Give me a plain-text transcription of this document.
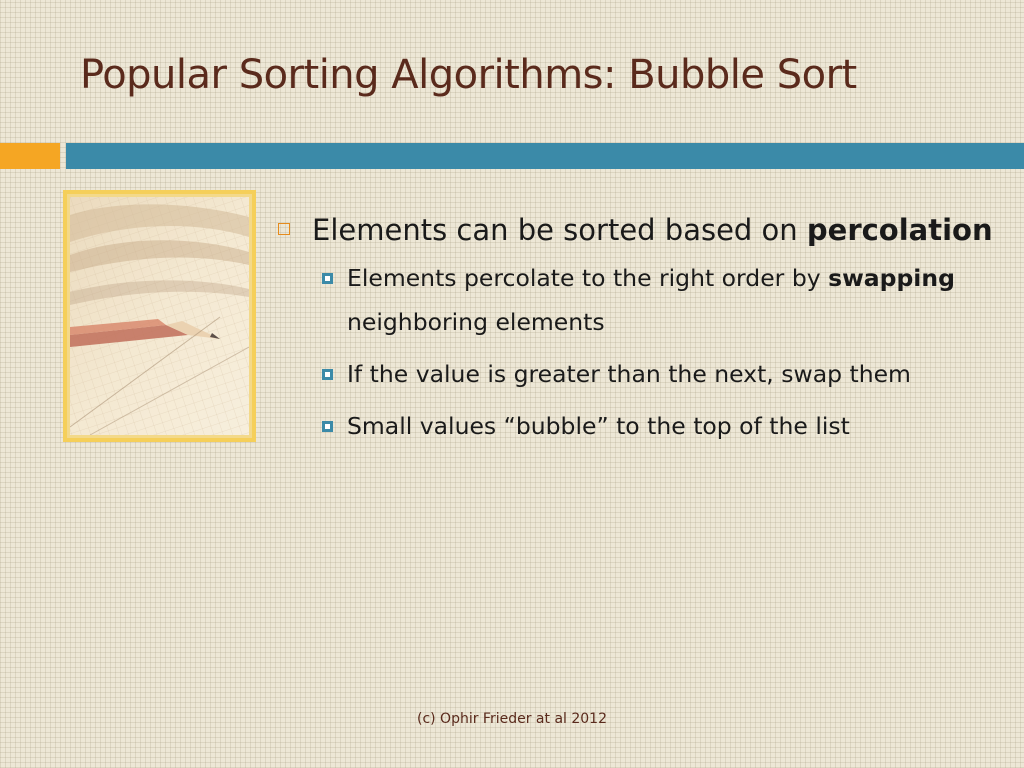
Popular Sorting Algorithms: Bubble Sort
Elements can be sorted based on percolation
Elements percolate to the right order by swapping neighboring elements
If the value is greater than the next, swap them
Small values “bubble” to the top of the list
(c) Ophir Frieder at al 2012
